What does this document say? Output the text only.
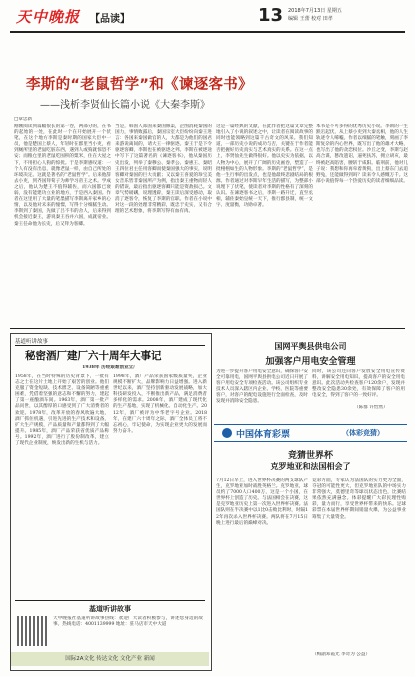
天中晚报 【品读】	13 2018年7月13日 星期五
编辑 王蕾 校对 田孝
李斯的“老鼠哲学”和《谏逐客书》
——浅析李贤仙长篇小说《大秦李斯》
□覃忠新
刚刚阅读到篇幅很长的第一卷，两部分的，在书的起始的一处，在此时一个在开始展开一个伏笔，在这个地方李斯是秦时期的国家大臣中一员，他是楚国上蔡人，年轻时在郡里当小吏，看到厕所里的老鼠吃脏东西，遇到人或狗就惊恐不安；而粮仓里的老鼠吃囤积的粟米，住在大屋之下，不用担心人狗的惊扰。于是李斯感叹道：一个人有没有出息，就像老鼠一样，由自己所处的环境决定。这就是著名的“老鼠哲学”。后来他辞去小吏，到齐国拜荀子为师学习帝王之术。学成之后，他认为楚王不值得辅佐，而六国都已衰弱，没有能建功立业的地方，于是西入秦国。作者在这里用了大量的笔墨描写李斯离开家乡的心情，以及他对未来的憧憬，写得十分细腻生动。李斯到了秦国，先做了吕不韦的舍人，后来得到机会接近秦王，游说秦王吞并六国，成就帝业。秦王任命他为长史，后又拜为客卿。
当是，韩国人郑国来秦国修渠，企图消耗秦国的国力，事情败露后，秦国宗室大臣纷纷向秦王进言：各国来秦国做官的人，大都是为他们的国君来游说离间的，请大王一律驱逐。秦王于是下令驱逐客卿，李斯也在被驱逐之列。李斯在被逐途中写下了这篇著名的《谏逐客书》，他从秦国历史出发，列举了秦穆公、秦孝公、秦惠王、秦昭王四位君主任用客卿而使秦国强大的事实，说明客卿对秦国的巨大贡献；又以秦王喜爱的珍宝美女音乐皆非秦国所产为例，指出秦王重物而轻人的错误，最后指出驱逐客卿只能是资敌损己。文章气势磅礴，说理透辟，秦王读后深受感动，取消了逐客令，恢复了李斯的官职。作者在小说中对这一段的处理非常精彩，既忠于史实，又有合理的艺术想象，将李斯写得有血有肉。
这是一篇经典的文献，在此作者把这篇文章完整地引入了小说的叙述之中，让读者在阅读故事的同时也能领略到这篇千古奇文的风采。我们知道，一部历史小说的成功与否，关键在于作者能否把握好历史真实与艺术真实的关系。在这一点上，李贤仙先生做得很好。他以史实为依据，以人物为中心，展开了广阔的历史画卷，塑造了一批栩栩如生的人物形象。李斯的“老鼠哲学”，是他一生行事的出发点，也是他最终悲剧结局的根源。作者通过对李斯早年生活的描写，为整部小说埋下了伏笔，使读者对李斯的性格有了深刻的认识。在谏逐客书之后，李斯一路升迁，直至丞相，辅佐秦始皇统一天下，推行郡县制，统一文字、度量衡，功勋卓著。
本书是不可多得的优秀历史小说。李斯的一生跌宕起伏，从上蔡小吏到大秦丞相，他的人生轨迹令人唏嘘。作者以细腻的笔触，刻画了李斯复杂的内心世界，既写出了他的雄才大略，也写出了他的贪恋权位。沙丘之变，李斯与赵高合谋，篡改遗诏，逼死扶苏，拥立胡亥，最终被赵高陷害，腰斩于咸阳。临刑前，他对儿子说：我想和你再牵着黄狗，出上蔡东门去追野兔，还能做得到吗？读来令人感慨万千。这部小说值得每一个热爱历史的读者细细品读。
基道听讲故事
秘密酒厂建厂六十周年大事记
1938年 历经艰难创业立厂
1958年，在当时特殊的历史背景下，一批有志之士在这片土地上开始了艰苦的创业。他们克服了资金短缺、技术匮乏、设备简陋等重重困难，凭借着坚强的意志和不懈的努力，建起了第一座酿酒车间。1963年，酒厂第一批产品问世，以其醇厚的口感受到了广大消费者的欢迎。1978年，改革开放的春风吹遍大地，酒厂抓住机遇，引进先进的生产技术和设备，扩大生产规模，产品质量和产量都得到了大幅提升。1985年，酒厂产品荣获省优质产品称号。1992年，酒厂进行了股份制改革，建立了现代企业制度，焕发出新的生机与活力。
1998年，酒厂产品荣获国家级质量奖，企业规模不断扩大，品牌影响力日益增强。进入新世纪以来，酒厂坚持创新驱动发展战略，加大科技研发投入，不断推出新产品，满足消费者多样化的需求。2008年，酒厂建成了现代化的生产基地，实现了机械化、自动化生产。2012年，酒厂被评为中华老字号企业。2018年，在建厂六十周年之际，酒厂全体员工将不忘初心，牢记使命，为实现企业更大的发展而努力奋斗。
基道听讲故事
天中晚报社基道听讲故事热线：欢迎广大读者积极参与，讲述您身边的故事。热线电话：4001139999 地址：驻马店市天中大道
国际2A文化 传达文化 文化产业 新闻
国网平舆县供电公司
加强客户用电安全管理
为进一步提升客户用电安全意识，确保客户安全可靠用电，国网平舆县供电公司近日开展了客户用电安全专项检查活动。该公司组织专业技术人员深入辖区内企业、学校、医院等重要客户，对客户的配电设施进行全面检查，及时发现并消除安全隐患。
同时，该公司还向客户发放安全用电宣传资料，讲解安全用电知识，提高客户的安全用电意识。此次活动共检查客户120余户，发现并整改安全隐患30余处，有效保障了客户的用电安全，得到了客户的一致好评。
（陈群 许怡然）
中国体育彩票	（体彩竞猜）
竞猜世界杯
克罗地亚和法国相会了
7月12日早上，进入世界杯决赛的两支球队产生，克罗地亚加时战胜英格兰。克罗地亚，球员约了7000人口400万，这是一个小国，在世界杯上创造了历史。与法国相会在决赛，这是克罗地亚历史上第一次进入世界杯决赛。法国队则在半决赛中以1比0击败比利时，时隔12年再次杀入世界杯决赛。两队将在7月15日晚上进行最后的巅峰对决。
竞彩方面，专家认为法国队的实力更为全面，夺冠的可能性更大，但克罗地亚队的中场实力非常强大，莫德里奇等球员状态出色，比赛结果依然充满悬念。体彩提醒广大彩民理性购彩，量力而行，享受世界杯带来的快乐。足球彩票在本届世界杯期间销量火爆，为公益事业筹集了大量资金。
（梅副邓霞光 李奇为 公益）
